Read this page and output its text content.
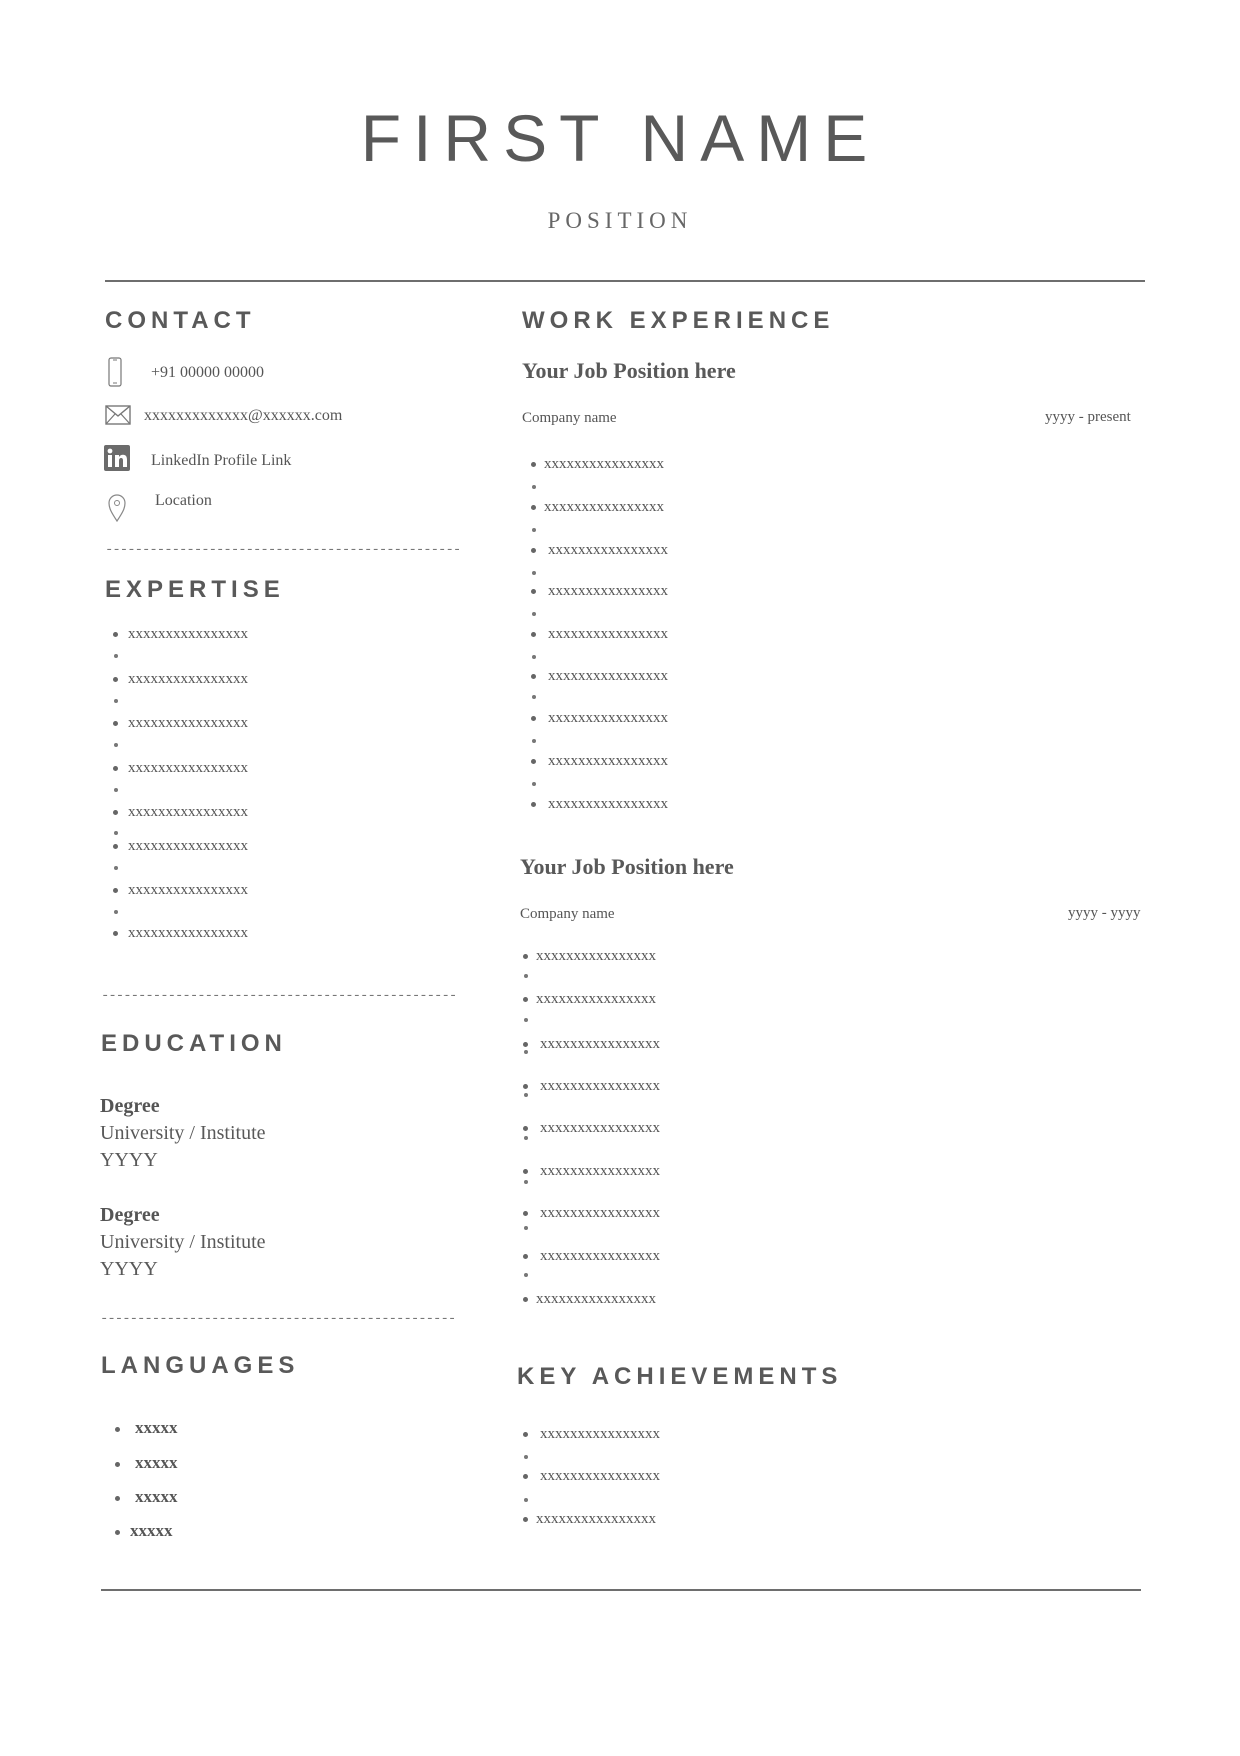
FIRST NAME
POSITION
CONTACT
+91 00000 00000
xxxxxxxxxxxxx@xxxxxx.com
LinkedIn Profile Link
Location
------------------------------------------------
EXPERTISE
xxxxxxxxxxxxxxxx
xxxxxxxxxxxxxxxx
xxxxxxxxxxxxxxxx
xxxxxxxxxxxxxxxx
xxxxxxxxxxxxxxxx
xxxxxxxxxxxxxxxx
xxxxxxxxxxxxxxxx
xxxxxxxxxxxxxxxx
------------------------------------------------
EDUCATION
Degree
University / Institute
YYYY
Degree
University / Institute
YYYY
------------------------------------------------
LANGUAGES
xxxxx
xxxxx
xxxxx
xxxxx
WORK EXPERIENCE
Your Job Position here
Company name	yyyy - present
xxxxxxxxxxxxxxxx
xxxxxxxxxxxxxxxx
xxxxxxxxxxxxxxxx
xxxxxxxxxxxxxxxx
xxxxxxxxxxxxxxxx
xxxxxxxxxxxxxxxx
xxxxxxxxxxxxxxxx
xxxxxxxxxxxxxxxx
xxxxxxxxxxxxxxxx
Your Job Position here
Company name	yyyy - yyyy
xxxxxxxxxxxxxxxx
xxxxxxxxxxxxxxxx
xxxxxxxxxxxxxxxx
xxxxxxxxxxxxxxxx
xxxxxxxxxxxxxxxx
xxxxxxxxxxxxxxxx
xxxxxxxxxxxxxxxx
xxxxxxxxxxxxxxxx
xxxxxxxxxxxxxxxx
KEY ACHIEVEMENTS
xxxxxxxxxxxxxxxx
xxxxxxxxxxxxxxxx
xxxxxxxxxxxxxxxx
